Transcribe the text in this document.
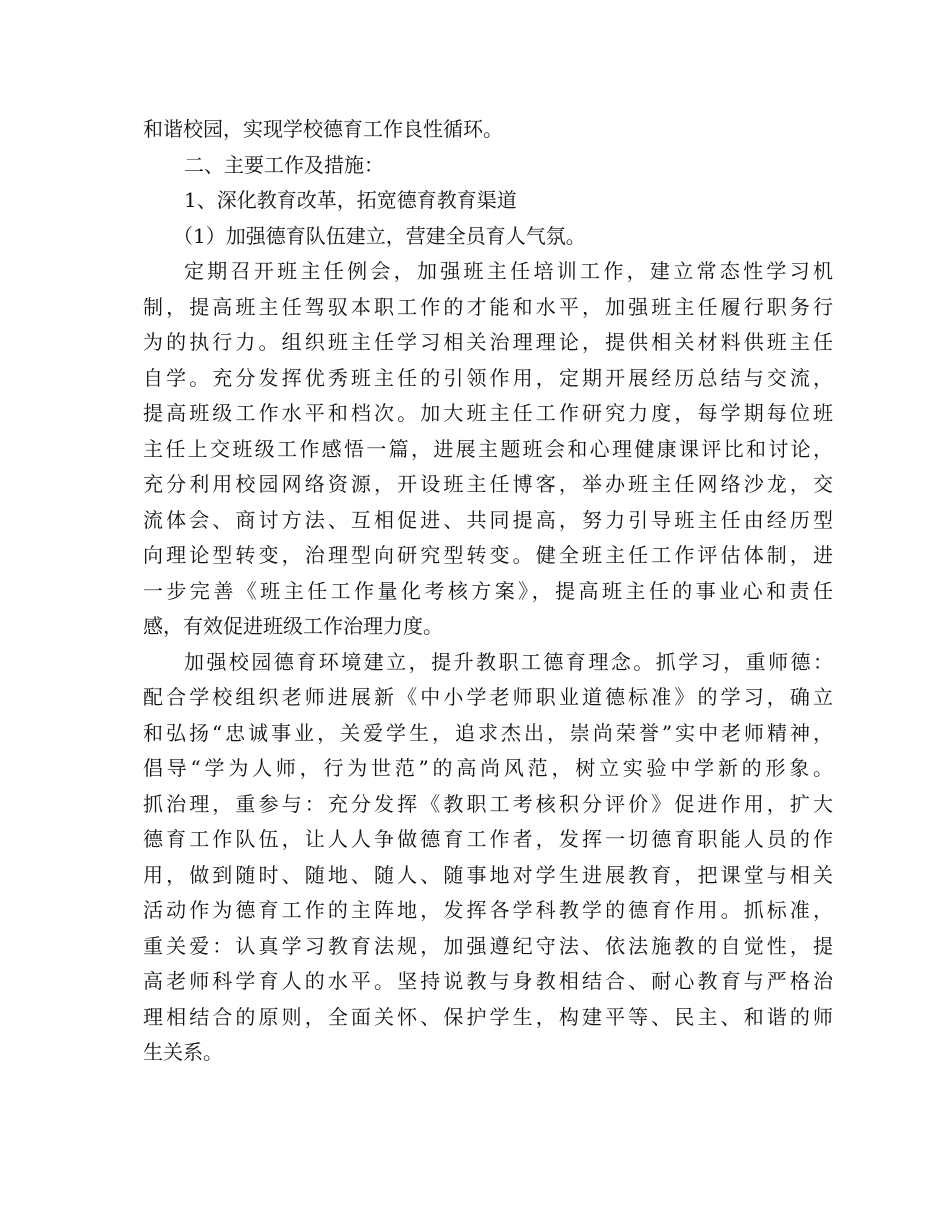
和谐校园，实现学校德育工作良性循环。
二、主要工作及措施：
1、深化教育改革，拓宽德育教育渠道
（1）加强德育队伍建立，营建全员育人气氛。
定期召开班主任例会，加强班主任培训工作，建立常态性学习机
制，提高班主任驾驭本职工作的才能和水平，加强班主任履行职务行
为的执行力。组织班主任学习相关治理理论，提供相关材料供班主任
自学。充分发挥优秀班主任的引领作用，定期开展经历总结与交流，
提高班级工作水平和档次。加大班主任工作研究力度，每学期每位班
主任上交班级工作感悟一篇，进展主题班会和心理健康课评比和讨论，
充分利用校园网络资源，开设班主任博客，举办班主任网络沙龙，交
流体会、商讨方法、互相促进、共同提高，努力引导班主任由经历型
向理论型转变，治理型向研究型转变。健全班主任工作评估体制，进
一步完善《班主任工作量化考核方案》，提高班主任的事业心和责任
感，有效促进班级工作治理力度。
加强校园德育环境建立，提升教职工德育理念。抓学习，重师德：
配合学校组织老师进展新《中小学老师职业道德标准》的学习，确立
和弘扬“忠诚事业，关爱学生，追求杰出，崇尚荣誉”实中老师精神，
倡导“学为人师，行为世范”的高尚风范，树立实验中学新的形象。
抓治理，重参与：充分发挥《教职工考核积分评价》促进作用，扩大
德育工作队伍，让人人争做德育工作者，发挥一切德育职能人员的作
用，做到随时、随地、随人、随事地对学生进展教育，把课堂与相关
活动作为德育工作的主阵地，发挥各学科教学的德育作用。抓标准，
重关爱：认真学习教育法规，加强遵纪守法、依法施教的自觉性，提
高老师科学育人的水平。坚持说教与身教相结合、耐心教育与严格治
理相结合的原则，全面关怀、保护学生，构建平等、民主、和谐的师
生关系。
